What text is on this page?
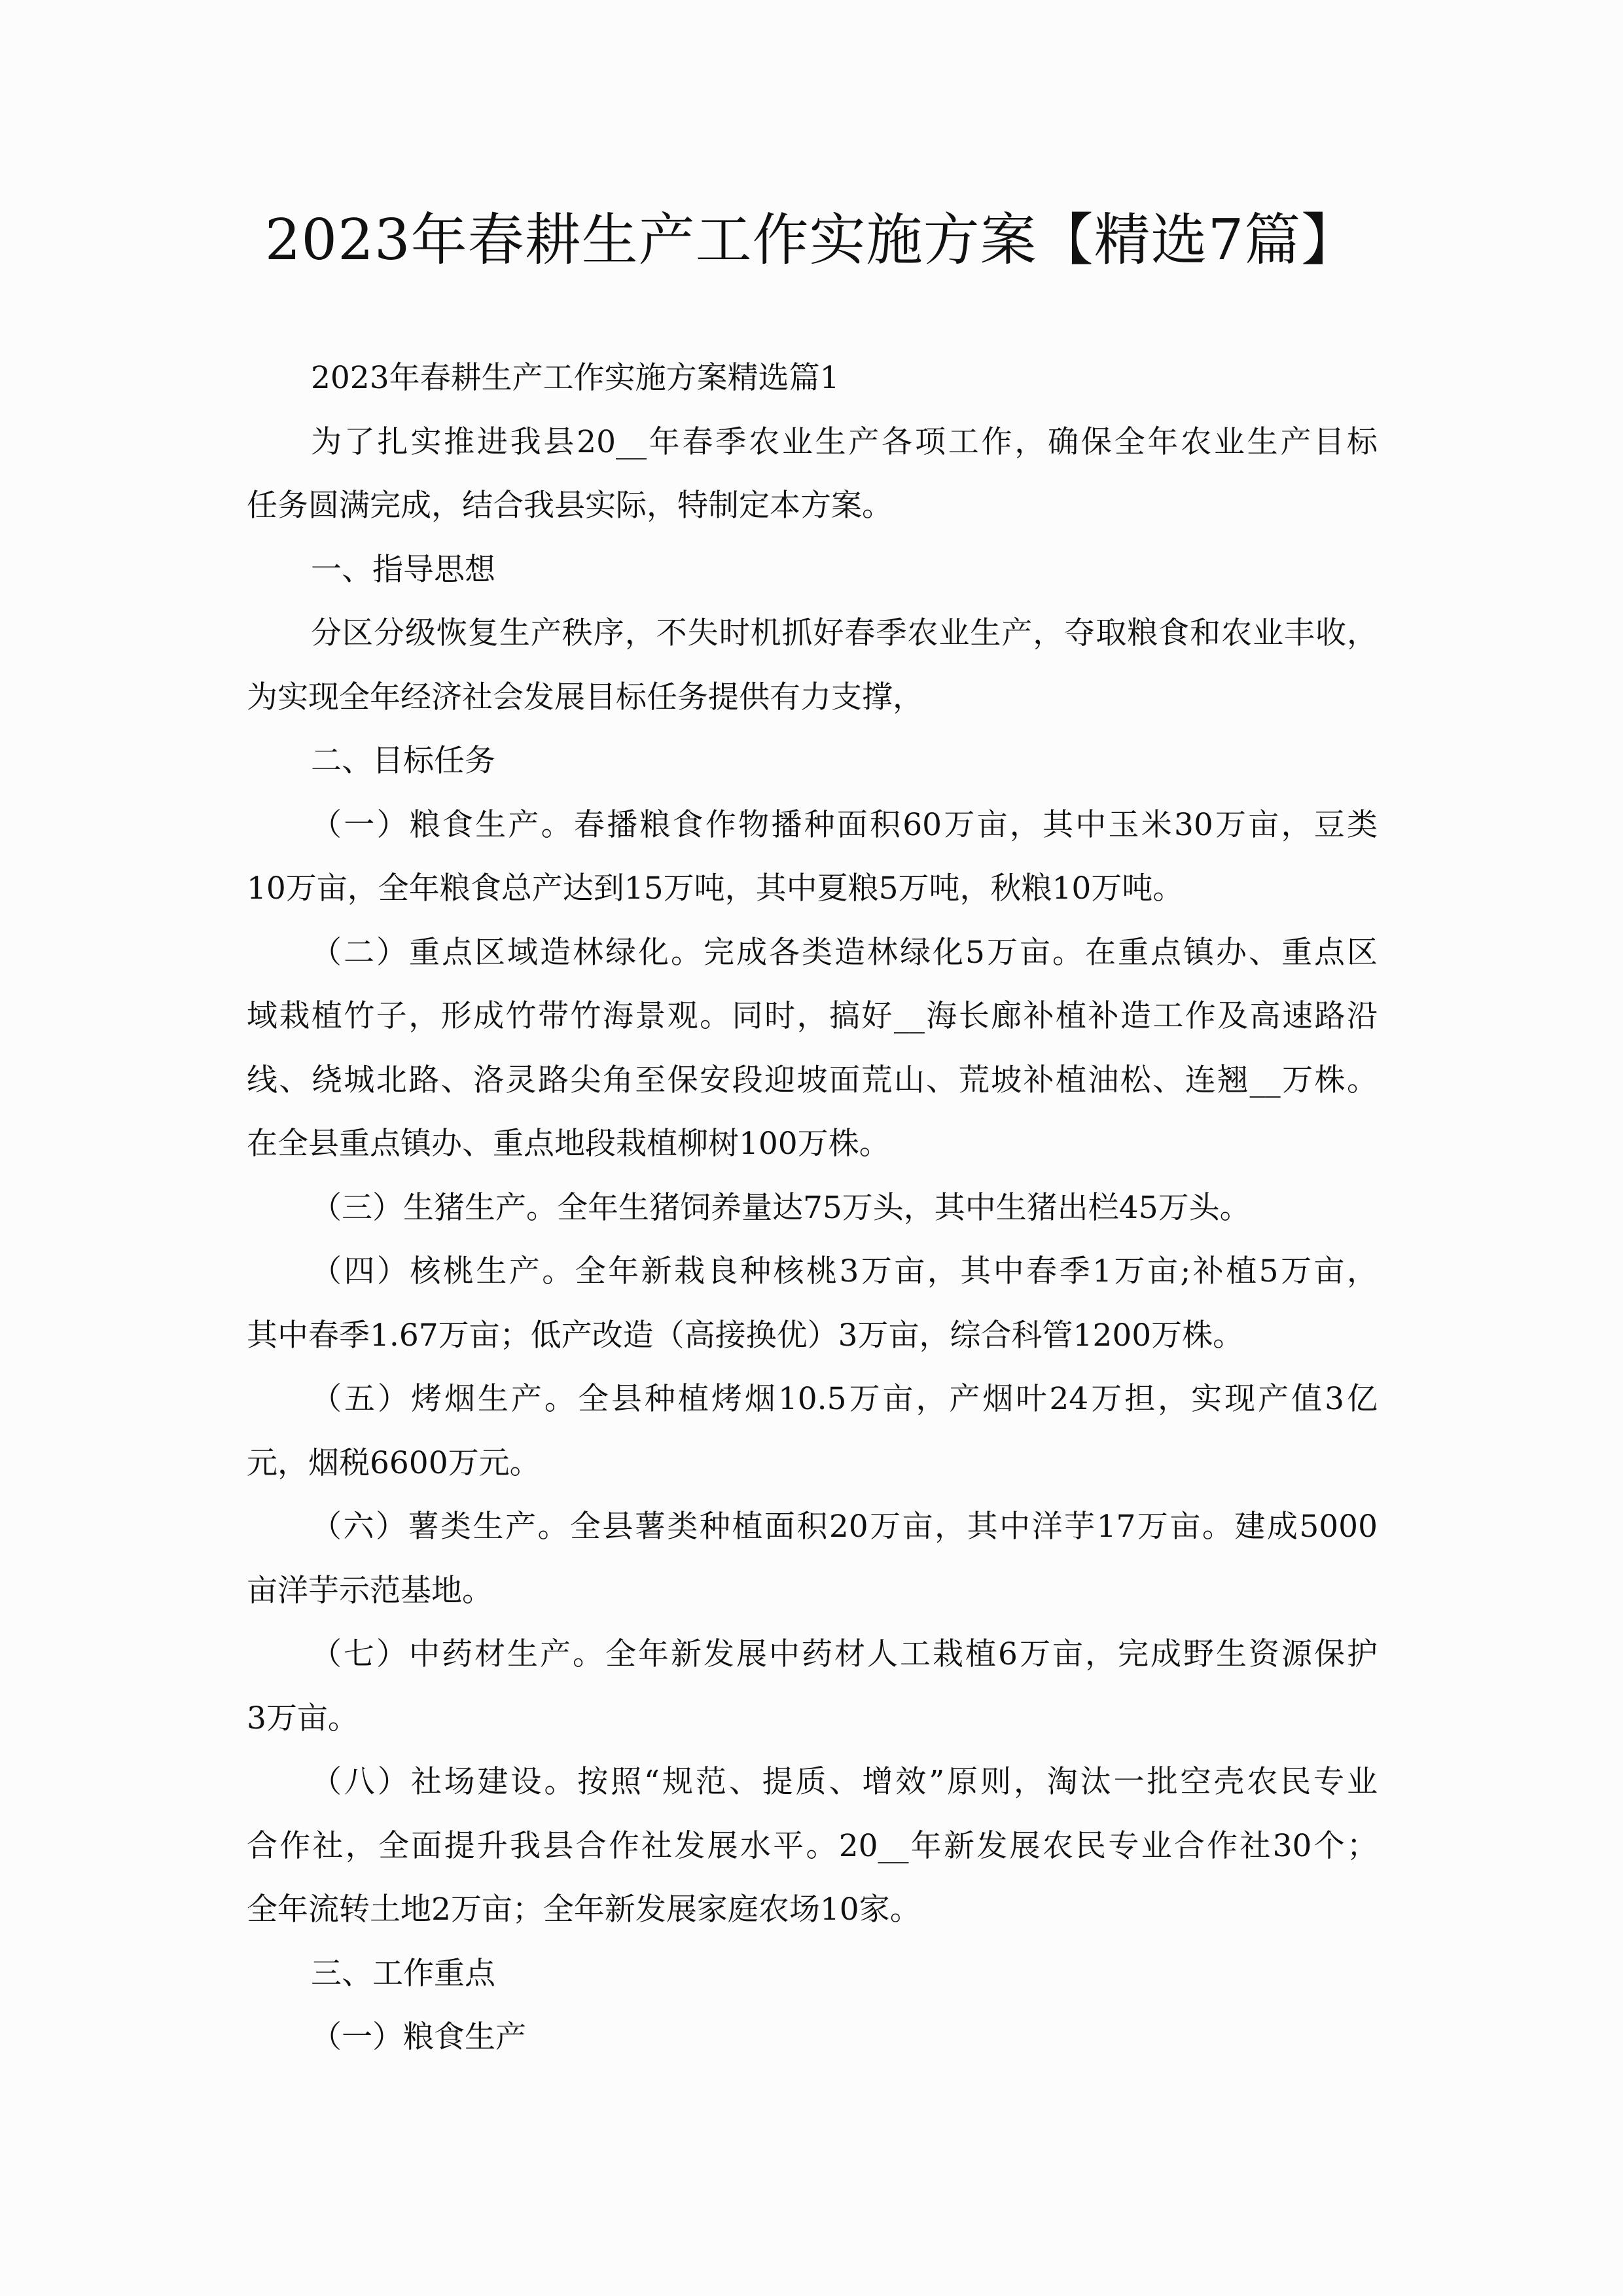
2023年春耕生产工作实施方案【精选7篇】
2023年春耕生产工作实施方案精选篇1
为了扎实推进我县20__年春季农业生产各项工作，确保全年农业生产目标
任务圆满完成，结合我县实际，特制定本方案。
一、指导思想
分区分级恢复生产秩序，不失时机抓好春季农业生产，夺取粮食和农业丰收，
为实现全年经济社会发展目标任务提供有力支撑，
二、目标任务
（一）粮食生产。春播粮食作物播种面积60万亩，其中玉米30万亩，豆类
10万亩，全年粮食总产达到15万吨，其中夏粮5万吨，秋粮10万吨。
（二）重点区域造林绿化。完成各类造林绿化5万亩。在重点镇办、重点区
域栽植竹子，形成竹带竹海景观。同时，搞好__海长廊补植补造工作及高速路沿
线、绕城北路、洛灵路尖角至保安段迎坡面荒山、荒坡补植油松、连翘__万株。
在全县重点镇办、重点地段栽植柳树100万株。
（三）生猪生产。全年生猪饲养量达75万头，其中生猪出栏45万头。
（四）核桃生产。全年新栽良种核桃3万亩，其中春季1万亩;补植5万亩，
其中春季1.67万亩；低产改造（高接换优）3万亩，综合科管1200万株。
（五）烤烟生产。全县种植烤烟10.5万亩，产烟叶24万担，实现产值3亿
元，烟税6600万元。
（六）薯类生产。全县薯类种植面积20万亩，其中洋芋17万亩。建成5000
亩洋芋示范基地。
（七）中药材生产。全年新发展中药材人工栽植6万亩，完成野生资源保护
3万亩。
（八）社场建设。按照“规范、提质、增效”原则，淘汰一批空壳农民专业
合作社，全面提升我县合作社发展水平。20__年新发展农民专业合作社30个；
全年流转土地2万亩；全年新发展家庭农场10家。
三、工作重点
（一）粮食生产
